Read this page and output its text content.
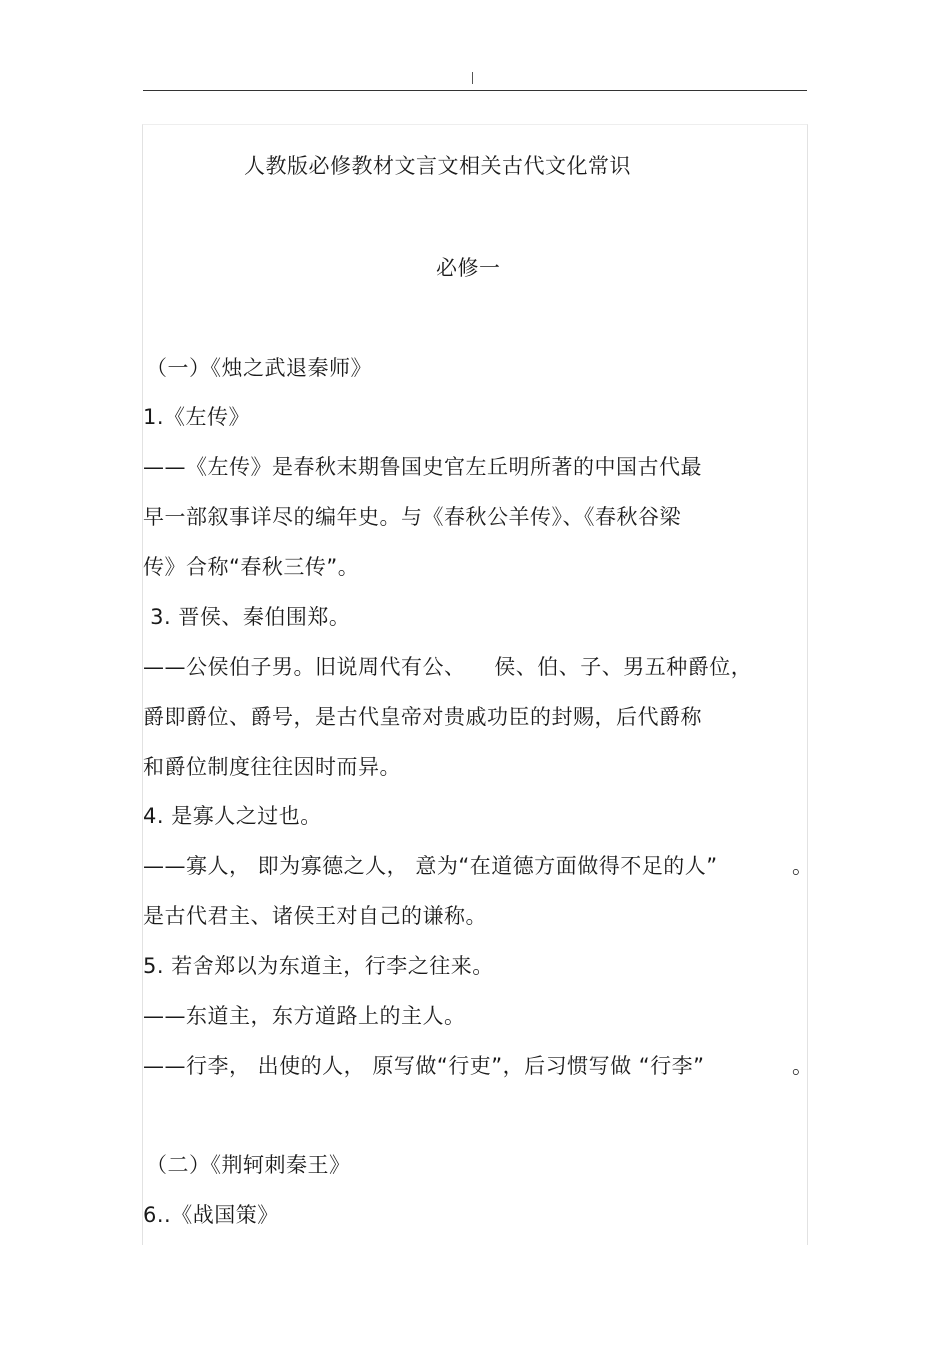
人教版必修教材文言文相关古代文化常识
必修一
（一）《烛之武退秦师》
1.《左传》
——《左传》是春秋末期鲁国史官左丘明所著的中国古代最
早一部叙事详尽的编年史。与《春秋公羊传》、《春秋谷梁
传》合称“春秋三传”。
3. 晋侯、秦伯围郑。
——公侯伯子男。旧说周代有公、    侯、伯、子、男五种爵位，
爵即爵位、爵号，是古代皇帝对贵戚功臣的封赐，后代爵称
和爵位制度往往因时而异。
4. 是寡人之过也。
——寡人， 即为寡德之人， 意为“在道德方面做得不足的人”	。
是古代君主、诸侯王对自己的谦称。
5. 若舍郑以为东道主，行李之往来。
——东道主，东方道路上的主人。
——行李， 出使的人， 原写做“行吏”，后习惯写做 “行李”	。
（二）《荆轲刺秦王》
6..《战国策》
